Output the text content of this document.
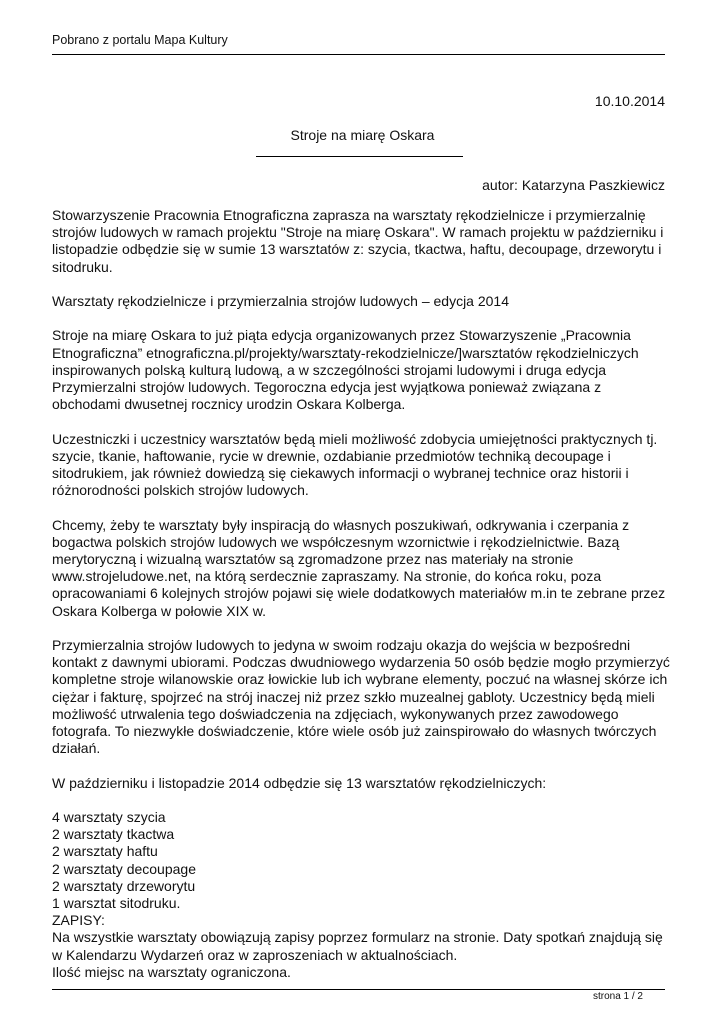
Pobrano z portalu Mapa Kultury
10.10.2014
Stroje na miarę Oskara
autor: Katarzyna Paszkiewicz

Stowarzyszenie Pracownia Etnograficzna zaprasza na warsztaty rękodzielnicze i przymierzalnię strojów ludowych w ramach projektu "Stroje na miarę Oskara". W ramach projektu w październiku i listopadzie odbędzie się w sumie 13 warsztatów z: szycia, tkactwa, haftu, decoupage, drzeworytu i sitodruku.

Warsztaty rękodzielnicze i przymierzalnia strojów ludowych – edycja 2014

Stroje na miarę Oskara to już piąta edycja organizowanych przez Stowarzyszenie „Pracownia Etnograficzna” etnograficzna.pl/projekty/warsztaty-rekodzielnicze/]warsztatów rękodzielniczych inspirowanych polską kulturą ludową, a w szczególności strojami ludowymi i druga edycja Przymierzalni strojów ludowych. Tegoroczna edycja jest wyjątkowa ponieważ związana z obchodami dwusetnej rocznicy urodzin Oskara Kolberga.

Uczestniczki i uczestnicy warsztatów będą mieli możliwość zdobycia umiejętności praktycznych tj. szycie, tkanie, haftowanie, rycie w drewnie, ozdabianie przedmiotów techniką decoupage i sitodrukiem, jak również dowiedzą się ciekawych informacji o wybranej technice oraz historii i różnorodności polskich strojów ludowych.

Chcemy, żeby te warsztaty były inspiracją do własnych poszukiwań, odkrywania i czerpania z bogactwa polskich strojów ludowych we współczesnym wzornictwie i rękodzielnictwie. Bazą merytoryczną i wizualną warsztatów są zgromadzone przez nas materiały na stronie www.strojeludowe.net, na którą serdecznie zapraszamy. Na stronie, do końca roku, poza opracowaniami 6 kolejnych strojów pojawi się wiele dodatkowych materiałów m.in te zebrane przez Oskara Kolberga w połowie XIX w.

Przymierzalnia strojów ludowych to jedyna w swoim rodzaju okazja do wejścia w bezpośredni kontakt z dawnymi ubiorami. Podczas dwudniowego wydarzenia 50 osób będzie mogło przymierzyć kompletne stroje wilanowskie oraz łowickie lub ich wybrane elementy, poczuć na własnej skórze ich ciężar i fakturę, spojrzeć na strój inaczej niż przez szkło muzealnej gabloty. Uczestnicy będą mieli możliwość utrwalenia tego doświadczenia na zdjęciach, wykonywanych przez zawodowego fotografa. To niezwykłe doświadczenie, które wiele osób już zainspirowało do własnych twórczych działań.

W październiku i listopadzie 2014 odbędzie się 13 warsztatów rękodzielniczych:

4 warsztaty szycia
2 warsztaty tkactwa
2 warsztaty haftu
2 warsztaty decoupage
2 warsztaty drzeworytu
1 warsztat sitodruku.
ZAPISY:
Na wszystkie warsztaty obowiązują zapisy poprzez formularz na stronie. Daty spotkań znajdują się w Kalendarzu Wydarzeń oraz w zaproszeniach w aktualnościach.
Ilość miejsc na warsztaty ograniczona.
strona 1 / 2
